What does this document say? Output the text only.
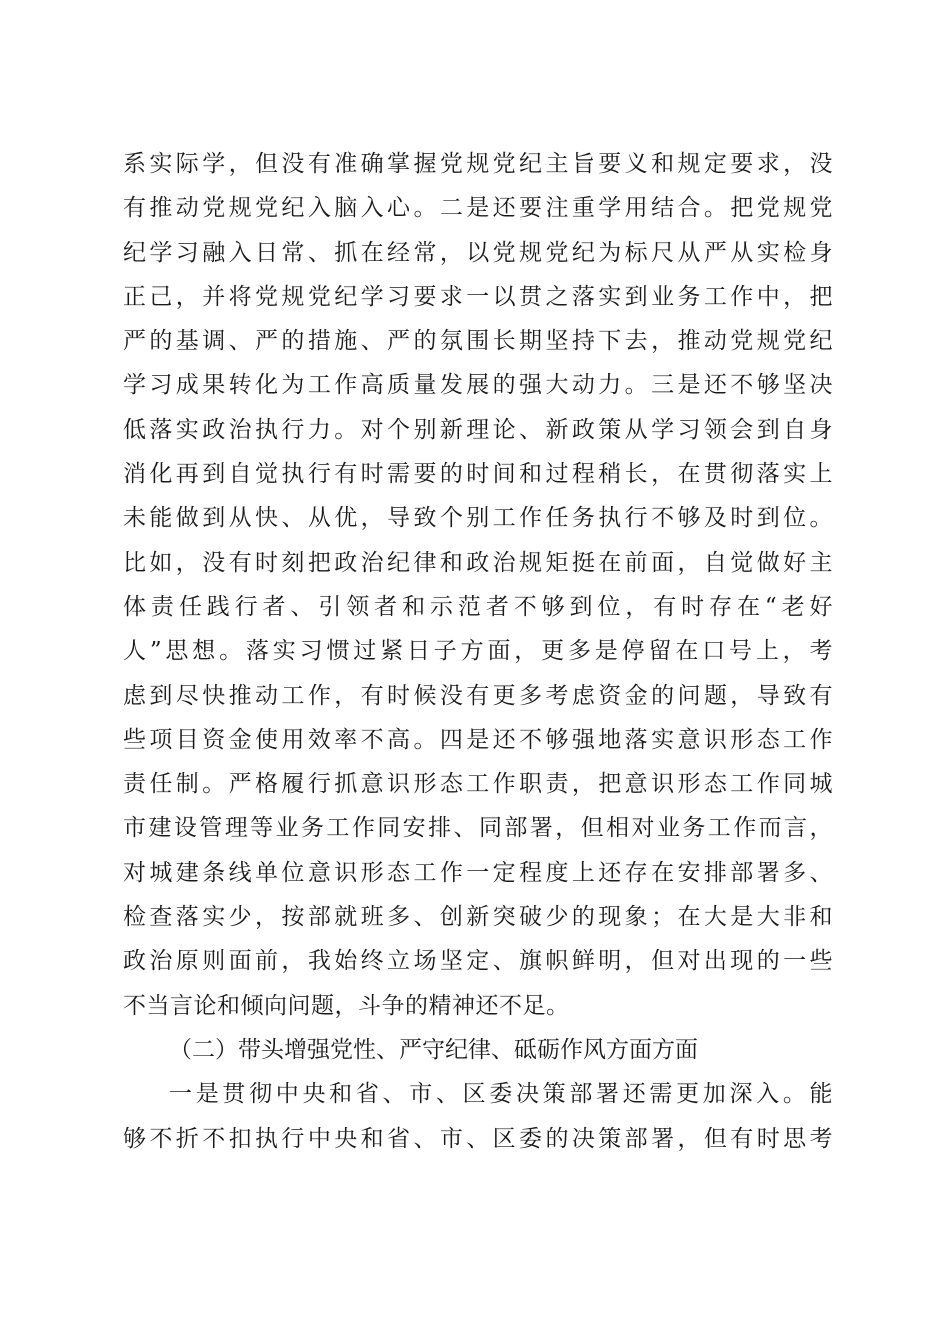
系实际学，但没有准确掌握党规党纪主旨要义和规定要求，没
有推动党规党纪入脑入心。二是还要注重学用结合。把党规党
纪学习融入日常、抓在经常，以党规党纪为标尺从严从实检身
正己，并将党规党纪学习要求一以贯之落实到业务工作中，把
严的基调、严的措施、严的氛围长期坚持下去，推动党规党纪
学习成果转化为工作高质量发展的强大动力。三是还不够坚决
低落实政治执行力。对个别新理论、新政策从学习领会到自身
消化再到自觉执行有时需要的时间和过程稍长，在贯彻落实上
未能做到从快、从优，导致个别工作任务执行不够及时到位。
比如，没有时刻把政治纪律和政治规矩挺在前面，自觉做好主
体责任践行者、引领者和示范者不够到位，有时存在“老好
人”思想。落实习惯过紧日子方面，更多是停留在口号上，考
虑到尽快推动工作，有时候没有更多考虑资金的问题，导致有
些项目资金使用效率不高。四是还不够强地落实意识形态工作
责任制。严格履行抓意识形态工作职责，把意识形态工作同城
市建设管理等业务工作同安排、同部署，但相对业务工作而言，
对城建条线单位意识形态工作一定程度上还存在安排部署多、
检查落实少，按部就班多、创新突破少的现象；在大是大非和
政治原则面前，我始终立场坚定、旗帜鲜明，但对出现的一些
不当言论和倾向问题，斗争的精神还不足。
（二）带头增强党性、严守纪律、砥砺作风方面方面
一是贯彻中央和省、市、区委决策部署还需更加深入。能
够不折不扣执行中央和省、市、区委的决策部署，但有时思考
